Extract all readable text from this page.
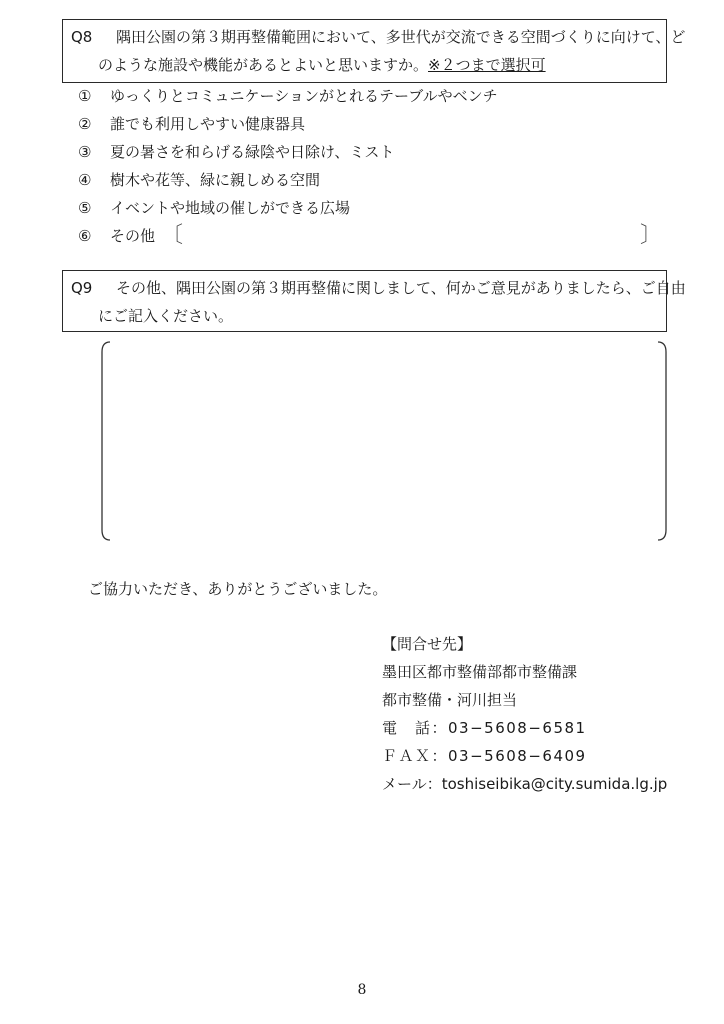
Q8	隅田公園の第３期再整備範囲において、多世代が交流できる空間づくりに向けて、ど
のような施設や機能があるとよいと思いますか。※２つまで選択可
①	ゆっくりとコミュニケーションがとれるテーブルやベンチ
②	誰でも利用しやすい健康器具
③	夏の暑さを和らげる緑陰や日除け、ミスト
④	樹木や花等、緑に親しめる空間
⑤	イベントや地域の催しができる広場
⑥	その他 〔	〕
Q9	その他、隅田公園の第３期再整備に関しまして、何かご意見がありましたら、ご自由
にご記入ください。
ご協力いただき、ありがとうございました。
【問合せ先】
墨田区都市整備部都市整備課
都市整備・河川担当
電　話：03−5608−6581
ＦＡＸ：03−5608−6409
メール：toshiseibika@city.sumida.lg.jp
8
